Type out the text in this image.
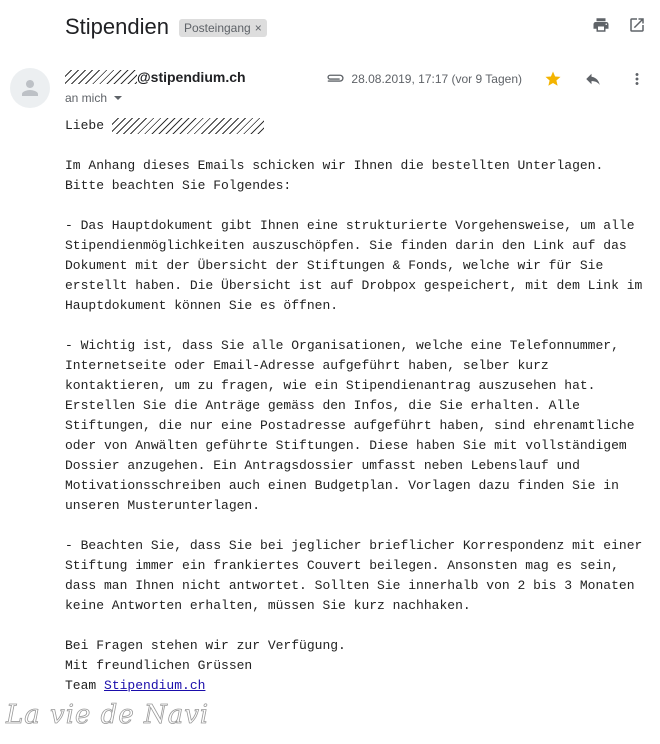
Stipendien Posteingang ×
@stipendium.ch
an mich
28.08.2019, 17:17 (vor 9 Tagen)
Liebe

Im Anhang dieses Emails schicken wir Ihnen die bestellten Unterlagen.

Bitte beachten Sie Folgendes:

- Das Hauptdokument gibt Ihnen eine strukturierte Vorgehensweise, um alle

Stipendienmöglichkeiten auszuschöpfen. Sie finden darin den Link auf das

Dokument mit der Übersicht der Stiftungen & Fonds, welche wir für Sie

erstellt haben. Die Übersicht ist auf Drobpox gespeichert, mit dem Link im

Hauptdokument können Sie es öffnen.

- Wichtig ist, dass Sie alle Organisationen, welche eine Telefonnummer,

Internetseite oder Email-Adresse aufgeführt haben, selber kurz

kontaktieren, um zu fragen, wie ein Stipendienantrag auszusehen hat.

Erstellen Sie die Anträge gemäss den Infos, die Sie erhalten. Alle

Stiftungen, die nur eine Postadresse aufgeführt haben, sind ehrenamtliche

oder von Anwälten geführte Stiftungen. Diese haben Sie mit vollständigem

Dossier anzugehen. Ein Antragsdossier umfasst neben Lebenslauf und

Motivationsschreiben auch einen Budgetplan. Vorlagen dazu finden Sie in

unseren Musterunterlagen.

- Beachten Sie, dass Sie bei jeglicher brieflicher Korrespondenz mit einer

Stiftung immer ein frankiertes Couvert beilegen. Ansonsten mag es sein,

dass man Ihnen nicht antwortet. Sollten Sie innerhalb von 2 bis 3 Monaten

keine Antworten erhalten, müssen Sie kurz nachhaken.

Bei Fragen stehen wir zur Verfügung.

Mit freundlichen Grüssen

Team Stipendium.ch

La vie de Navi
